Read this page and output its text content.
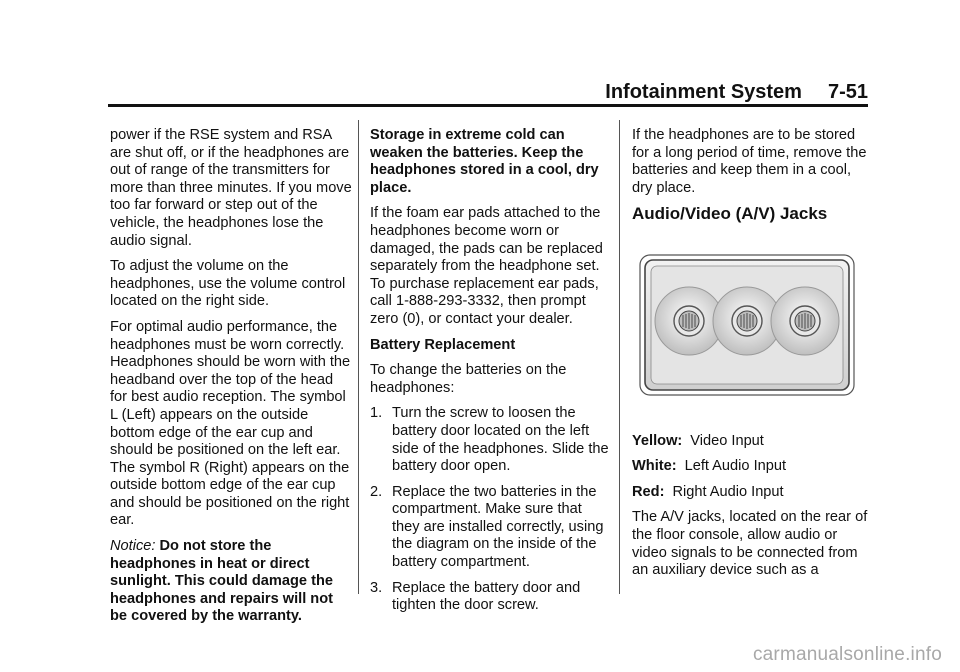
Infotainment System 7-51

power if the RSE system and RSA are shut off, or if the headphones are out of range of the transmitters for more than three minutes. If you move too far forward or step out of the vehicle, the headphones lose the audio signal.

To adjust the volume on the headphones, use the volume control located on the right side.

For optimal audio performance, the headphones must be worn correctly. Headphones should be worn with the headband over the top of the head for best audio reception. The symbol L (Left) appears on the outside bottom edge of the ear cup and should be positioned on the left ear. The symbol R (Right) appears on the outside bottom edge of the ear cup and should be positioned on the right ear.

Notice: Do not store the headphones in heat or direct sunlight. This could damage the headphones and repairs will not be covered by the warranty.

Storage in extreme cold can weaken the batteries. Keep the headphones stored in a cool, dry place.

If the foam ear pads attached to the headphones become worn or damaged, the pads can be replaced separately from the headphone set. To purchase replacement ear pads, call 1-888-293-3332, then prompt zero (0), or contact your dealer.

Battery Replacement

To change the batteries on the headphones:

1. Turn the screw to loosen the battery door located on the left side of the headphones. Slide the battery door open.
2. Replace the two batteries in the compartment. Make sure that they are installed correctly, using the diagram on the inside of the battery compartment.
3. Replace the battery door and tighten the door screw.

If the headphones are to be stored for a long period of time, remove the batteries and keep them in a cool, dry place.

Audio/Video (A/V) Jacks

Yellow: Video Input

White: Left Audio Input

Red: Right Audio Input

The A/V jacks, located on the rear of the floor console, allow audio or video signals to be connected from an auxiliary device such as a

carmanualsonline.info
